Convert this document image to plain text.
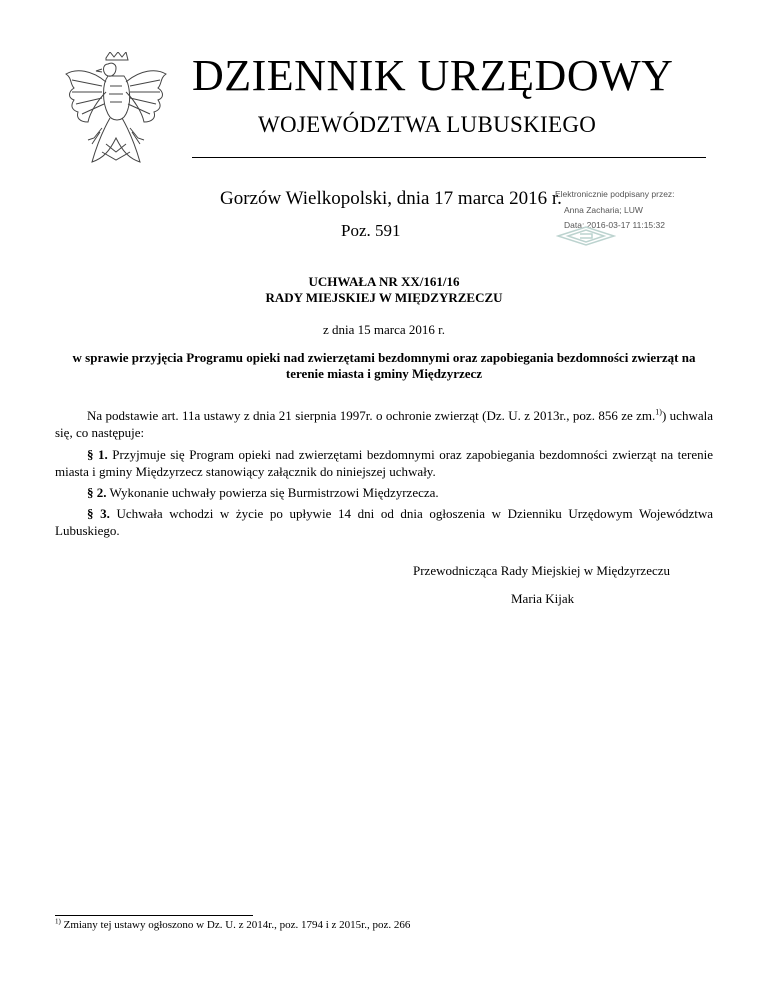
DZIENNIK URZĘDOWY
WOJEWÓDZTWA LUBUSKIEGO
Gorzów Wielkopolski, dnia 17 marca 2016 r.
Poz. 591
Elektronicznie podpisany przez:
Anna Zacharia; LUW
Data: 2016-03-17 11:15:32
UCHWAŁA NR XX/161/16
RADY MIEJSKIEJ W MIĘDZYRZECZU
z dnia 15 marca 2016 r.
w sprawie przyjęcia Programu opieki nad zwierzętami bezdomnymi oraz zapobiegania bezdomności zwierząt na terenie miasta i gminy Międzyrzecz
Na podstawie art. 11a ustawy z dnia 21 sierpnia 1997r. o ochronie zwierząt (Dz. U. z 2013r., poz. 856 ze zm.$^{1)}$) uchwala się, co następuje:
§ 1. Przyjmuje się Program opieki nad zwierzętami bezdomnymi oraz zapobiegania bezdomności zwierząt na terenie miasta i gminy Międzyrzecz stanowiący załącznik do niniejszej uchwały.
§ 2. Wykonanie uchwały powierza się Burmistrzowi Międzyrzecza.
§ 3. Uchwała wchodzi w życie po upływie 14 dni od dnia ogłoszenia w Dzienniku Urzędowym Województwa Lubuskiego.
Przewodnicząca Rady Miejskiej w Międzyrzeczu
Maria Kijak
$^{1)}$ Zmiany tej ustawy ogłoszono w Dz. U. z 2014r., poz. 1794 i z 2015r., poz. 266
